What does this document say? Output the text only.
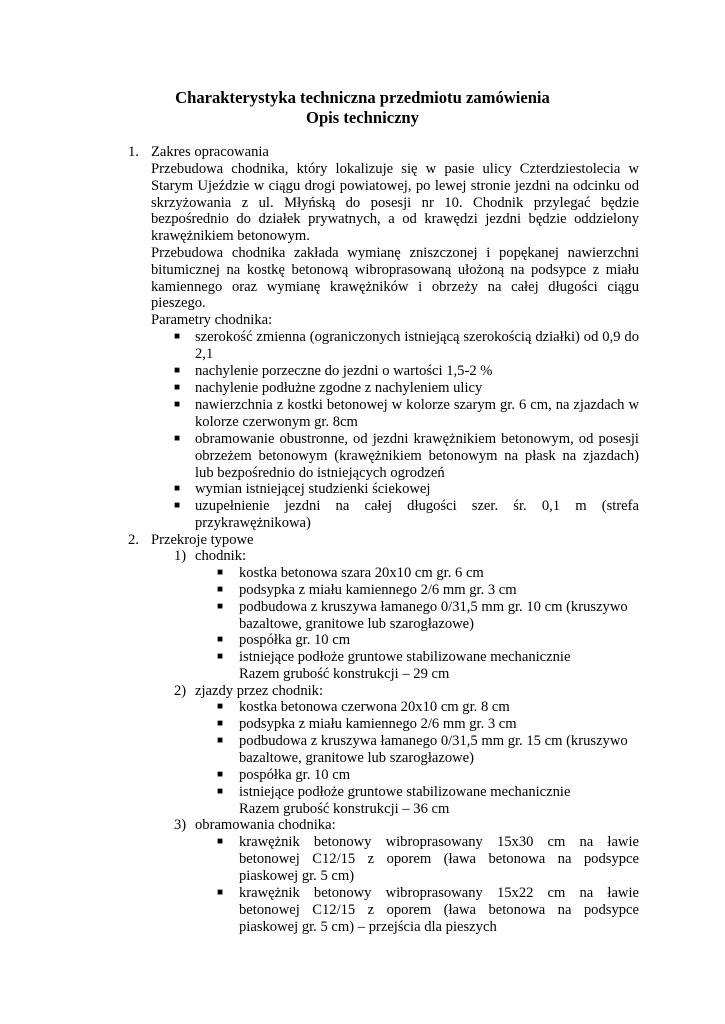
Charakterystyka techniczna przedmiotu zamówienia
Opis techniczny
1. Zakres opracowania
Przebudowa chodnika, który lokalizuje się w pasie ulicy Czterdziestolecia w Starym Ujeździe w ciągu drogi powiatowej, po lewej stronie jezdni na odcinku od skrzyżowania z ul. Młyńską do posesji nr 10. Chodnik przylegać będzie bezpośrednio do działek prywatnych, a od krawędzi jezdni będzie oddzielony krawężnikiem betonowym.
Przebudowa chodnika zakłada wymianę zniszczonej i popękanej nawierzchni bitumicznej na kostkę betonową wibroprasowaną ułożoną na podsypce z miału kamiennego oraz wymianę krawężników i obrzeży na całej długości ciągu pieszego.
Parametry chodnika:
■ szerokość zmienna (ograniczonych istniejącą szerokością działki) od 0,9 do 2,1
■ nachylenie porzeczne do jezdni o wartości 1,5-2 %
■ nachylenie podłużne zgodne z nachyleniem ulicy
■ nawierzchnia z kostki betonowej w kolorze szarym gr. 6 cm, na zjazdach w kolorze czerwonym gr. 8cm
■ obramowanie obustronne, od jezdni krawężnikiem betonowym, od posesji obrzeżem betonowym (krawężnikiem betonowym na płask na zjazdach) lub bezpośrednio do istniejących ogrodzeń
■ wymian istniejącej studzienki ściekowej
■ uzupełnienie jezdni na całej długości szer. śr. 0,1 m (strefa przykrawężnikowa)
2. Przekroje typowe
1) chodnik:
■ kostka betonowa szara 20x10 cm gr. 6 cm
■ podsypka z miału kamiennego 2/6 mm gr. 3 cm
■ podbudowa z kruszywa łamanego 0/31,5 mm gr. 10 cm (kruszywo bazaltowe, granitowe lub szarogłazowe)
■ pospółka gr. 10 cm
■ istniejące podłoże gruntowe stabilizowane mechanicznie
Razem grubość konstrukcji – 29 cm
2) zjazdy przez chodnik:
■ kostka betonowa czerwona 20x10 cm gr. 8 cm
■ podsypka z miału kamiennego 2/6 mm gr. 3 cm
■ podbudowa z kruszywa łamanego 0/31,5 mm gr. 15 cm (kruszywo bazaltowe, granitowe lub szarogłazowe)
■ pospółka gr. 10 cm
■ istniejące podłoże gruntowe stabilizowane mechanicznie
Razem grubość konstrukcji – 36 cm
3) obramowania chodnika:
■ krawężnik betonowy wibroprasowany 15x30 cm na ławie betonowej C12/15 z oporem (ława betonowa na podsypce piaskowej gr. 5 cm)
■ krawężnik betonowy wibroprasowany 15x22 cm na ławie betonowej C12/15 z oporem (ława betonowa na podsypce piaskowej gr. 5 cm) – przejścia dla pieszych
